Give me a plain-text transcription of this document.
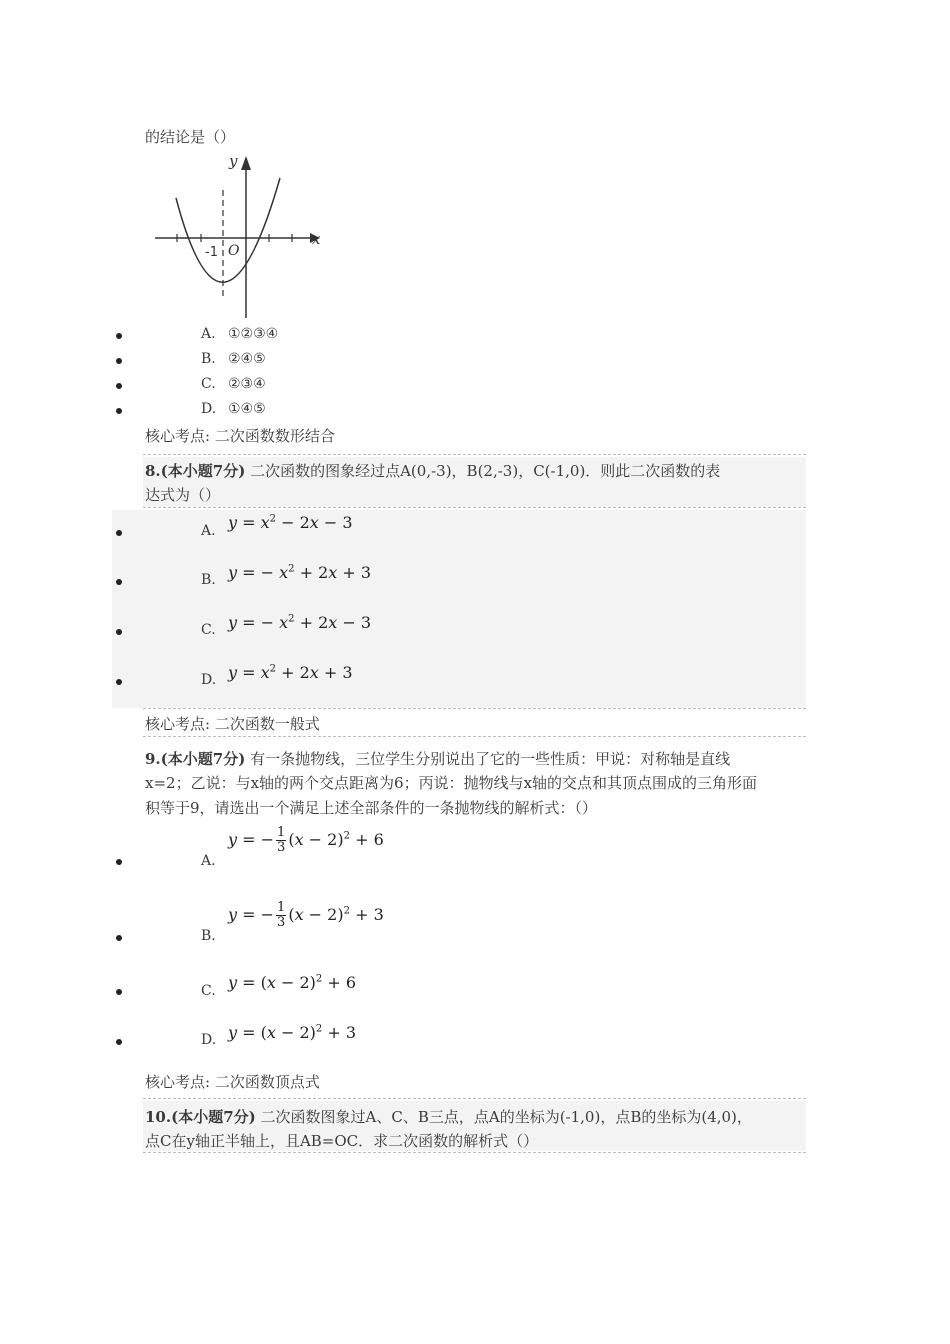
的结论是（）
y
x
-1 O
A. ①②③④
B. ②④⑤
C. ②③④
D. ①④⑤
核心考点: 二次函数数形结合
8.(本小题7分) 二次函数的图象经过点A(0,-3)，B(2,-3)，C(-1,0)．则此二次函数的表
达式为（）
A. $y = x^2 - 2x - 3$
B. y = − $x^2 + 2x + 3$
C. y = − $x^2 + 2x - 3$
D. $y = x^2 + 2x + 3$
核心考点: 二次函数一般式
9.(本小题7分) 有一条抛物线，三位学生分别说出了它的一些性质：甲说：对称轴是直线
x=2；乙说：与x轴的两个交点距离为6；丙说：抛物线与x轴的交点和其顶点围成的三角形面
积等于9，请选出一个满足上述全部条件的一条抛物线的解析式：（）
A.
y = − $\frac{1}{3} (x - 2)^2 + 6$
B.
y = − $\frac{1}{3} (x - 2)^2 + 3$
C. $y = (x - 2)^2 + 6$
D. $y = (x - 2)^2 + 3$
核心考点: 二次函数顶点式
10.(本小题7分) 二次函数图象过A、C、B三点，点A的坐标为(-1,0)，点B的坐标为(4,0)，
点C在y轴正半轴上，且AB=OC．求二次函数的解析式（）
